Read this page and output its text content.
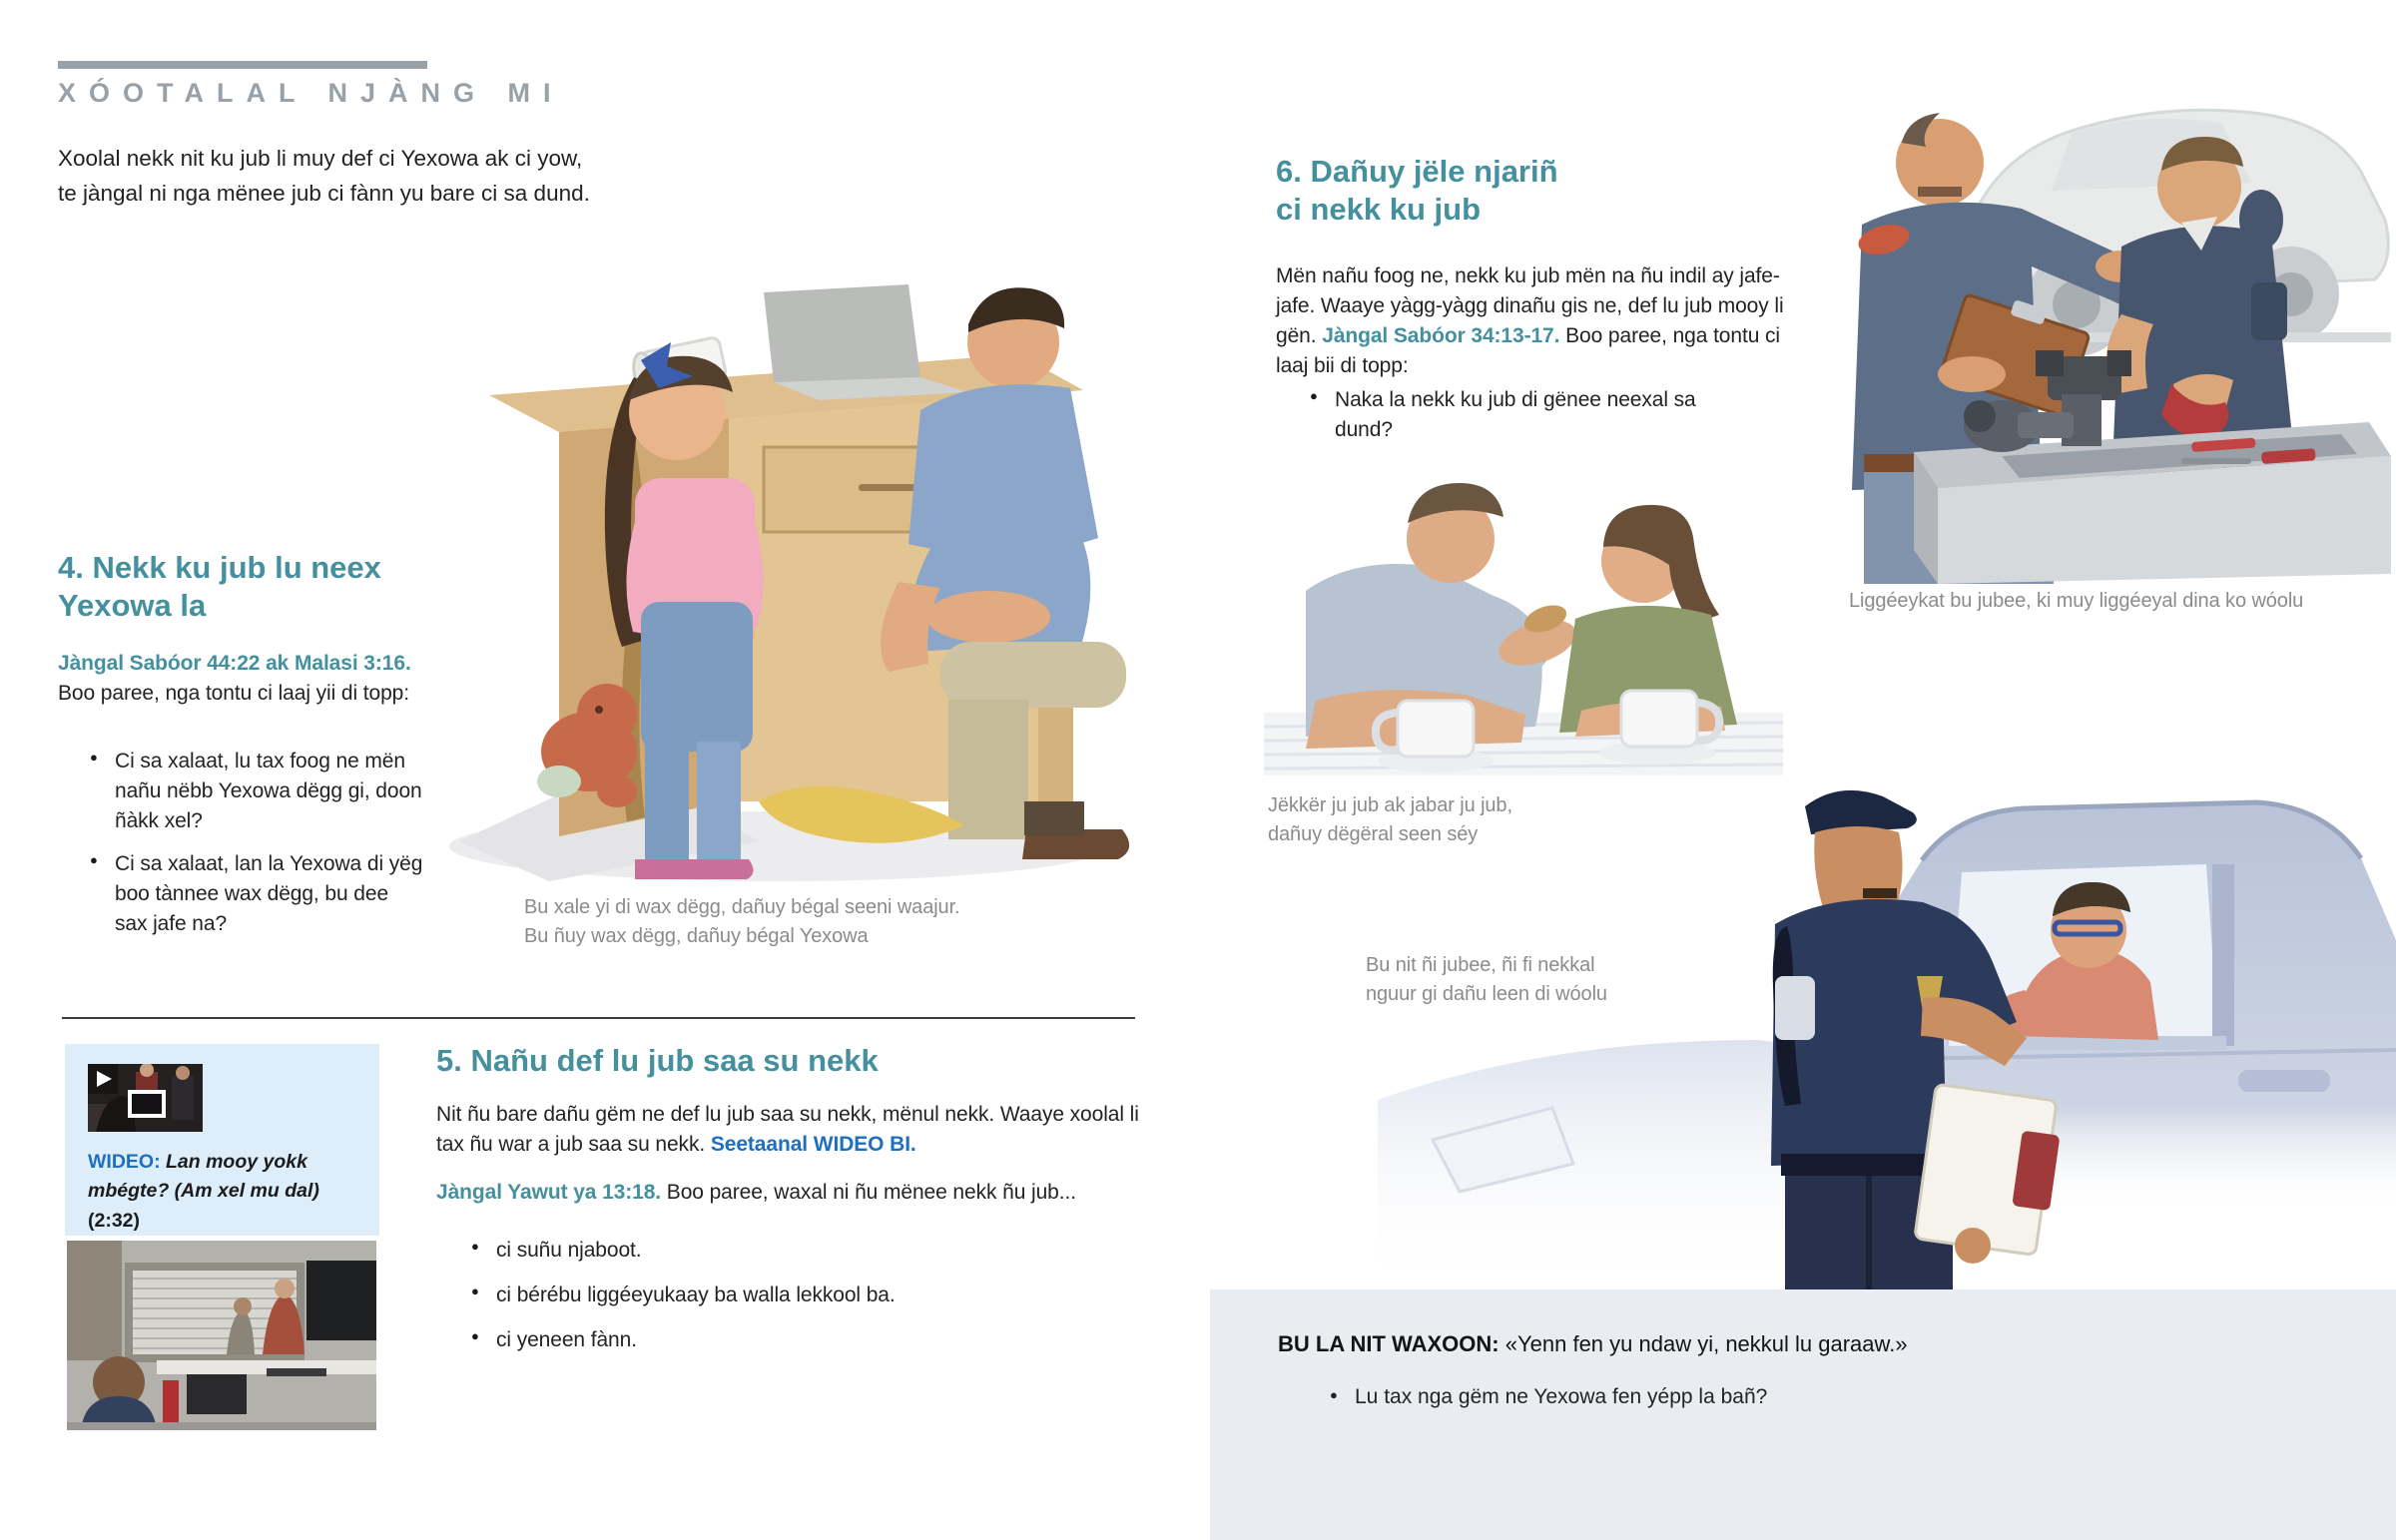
XÓOTALAL NJÀNG MI
Xoolal nekk nit ku jub li muy def ci Yexowa ak ci yow,
te jàngal ni nga mënee jub ci fànn yu bare ci sa dund.
4. Nekk ku jub lu neex
Yexowa la
Jàngal Sabóor 44:22 ak Malasi 3:16. Boo paree, nga tontu ci laaj yii di topp:
● Ci sa xalaat, lu tax foog ne mën nañu nëbb Yexowa dëgg gi, doon ñàkk xel?
● Ci sa xalaat, lan la Yexowa di yëg boo tànnee wax dëgg, bu dee sax jafe na?
Bu xale yi di wax dëgg, dañuy bégal seeni waajur.
Bu ñuy wax dëgg, dañuy bégal Yexowa
WIDEO: Lan mooy yokk mbégte? (Am xel mu dal) (2:32)
5. Nañu def lu jub saa su nekk
Nit ñu bare dañu gëm ne def lu jub saa su nekk, mënul nekk. Waaye xoolal li tax ñu war a jub saa su nekk. Seetaanal WIDEO BI.
Jàngal Yawut ya 13:18. Boo paree, waxal ni ñu mënee nekk ñu jub...
● ci suñu njaboot.
● ci bérébu liggéeyukaay ba walla lekkool ba.
● ci yeneen fànn.
6. Dañuy jële njariñ
ci nekk ku jub
Mën nañu foog ne, nekk ku jub mën na ñu indil ay jafe-jafe. Waaye yàgg-yàgg dinañu gis ne, def lu jub mooy li gën. Jàngal Sabóor 34:13-17. Boo paree, nga tontu ci laaj bii di topp:
● Naka la nekk ku jub di gënee neexal sa dund?
Liggéeykat bu jubee, ki muy liggéeyal dina ko wóolu
Jëkkër ju jub ak jabar ju jub,
dañuy dëgëral seen séy
Bu nit ñi jubee, ñi fi nekkal
nguur gi dañu leen di wóolu
BU LA NIT WAXOON: «Yenn fen yu ndaw yi, nekkul lu garaaw.»
● Lu tax nga gëm ne Yexowa fen yépp la bañ?
